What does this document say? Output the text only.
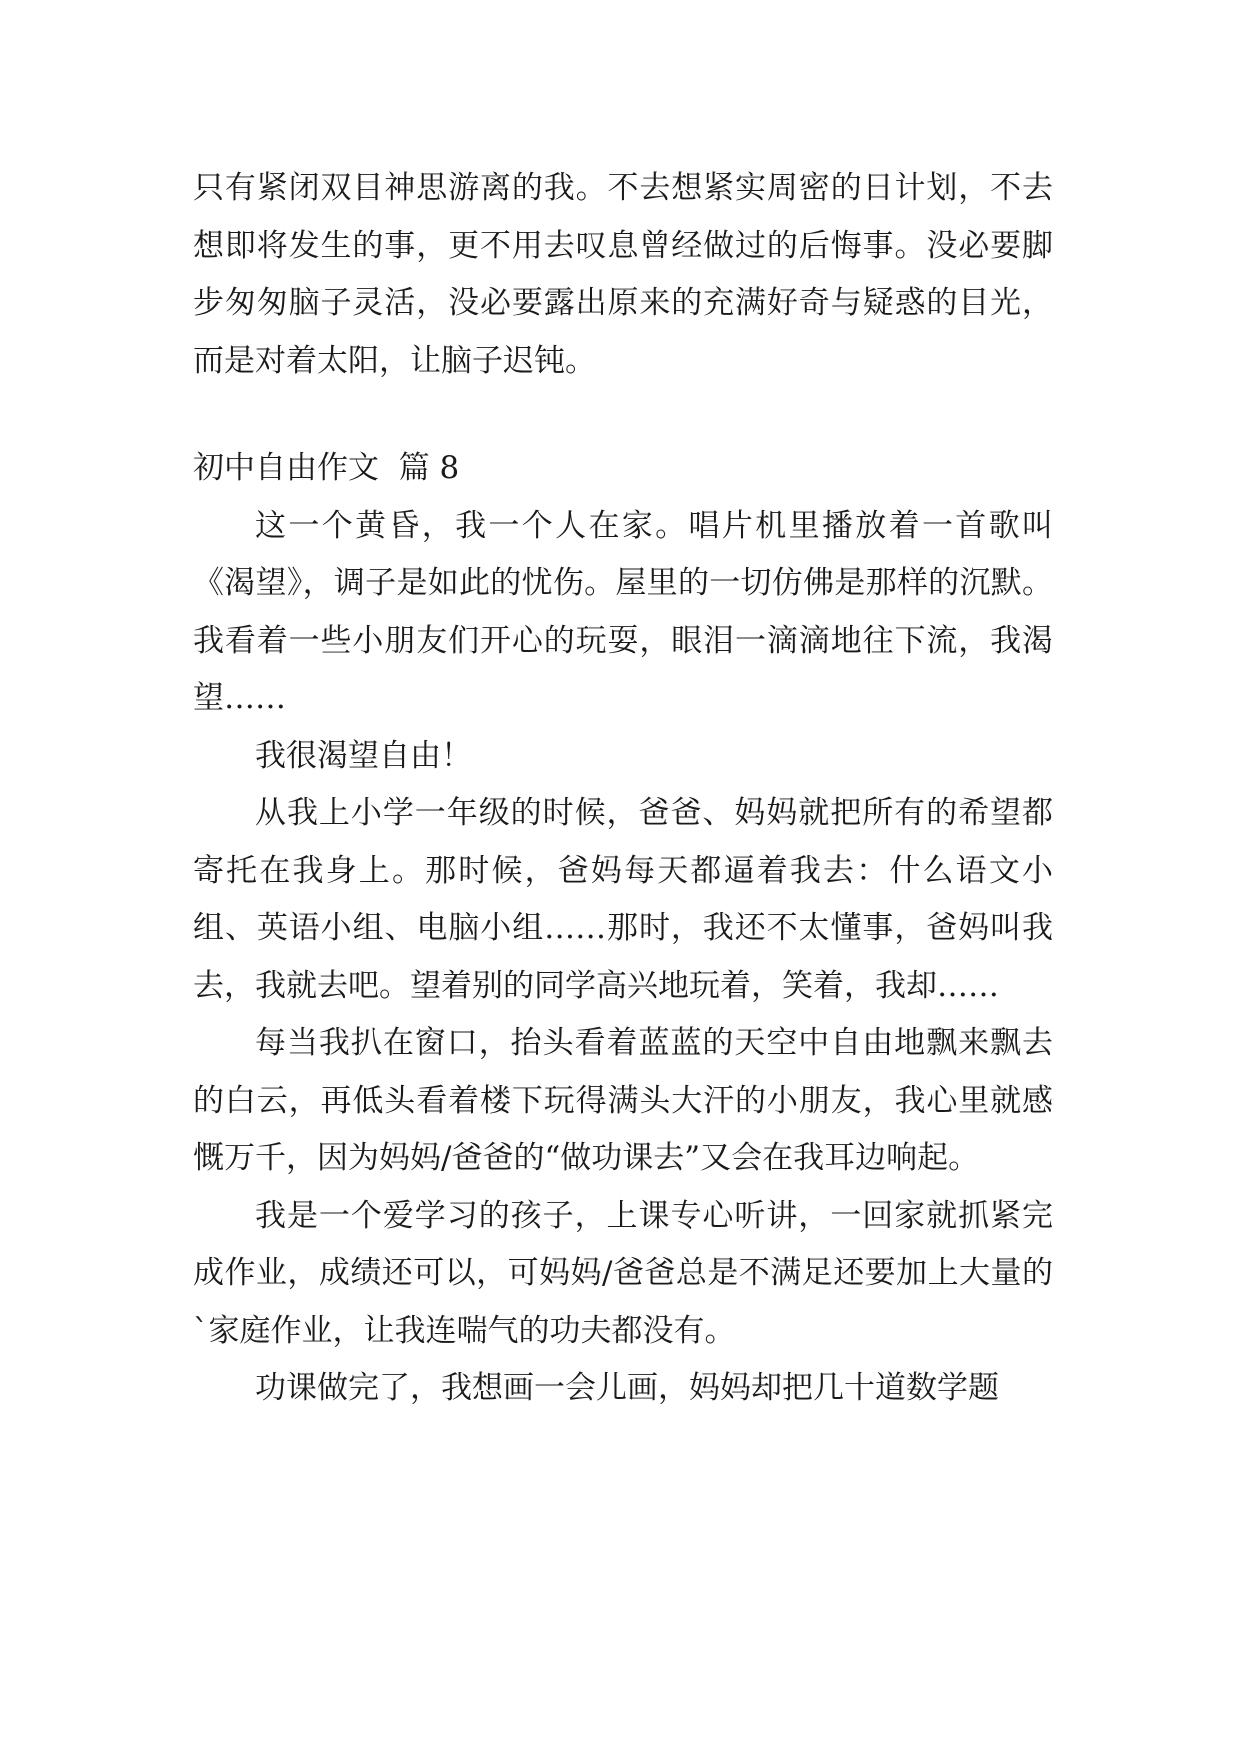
只有紧闭双目神思游离的我。不去想紧实周密的日计划，不去想即将发生的事，更不用去叹息曾经做过的后悔事。没必要脚步匆匆脑子灵活，没必要露出原来的充满好奇与疑惑的目光，而是对着太阳，让脑子迟钝。

初中自由作文  篇 8

这一个黄昏，我一个人在家。唱片机里播放着一首歌叫《渴望》，调子是如此的忧伤。屋里的一切仿佛是那样的沉默。我看着一些小朋友们开心的玩耍，眼泪一滴滴地往下流，我渴望……

我很渴望自由！

从我上小学一年级的时候，爸爸、妈妈就把所有的希望都寄托在我身上。那时候，爸妈每天都逼着我去：什么语文小组、英语小组、电脑小组……那时，我还不太懂事，爸妈叫我去，我就去吧。望着别的同学高兴地玩着，笑着，我却……

每当我扒在窗口，抬头看着蓝蓝的天空中自由地飘来飘去的白云，再低头看着楼下玩得满头大汗的小朋友，我心里就感慨万千，因为妈妈/爸爸的“做功课去”又会在我耳边响起。

我是一个爱学习的孩子，上课专心听讲，一回家就抓紧完成作业，成绩还可以，可妈妈/爸爸总是不满足还要加上大量的`家庭作业，让我连喘气的功夫都没有。

功课做完了，我想画一会儿画，妈妈却把几十道数学题
